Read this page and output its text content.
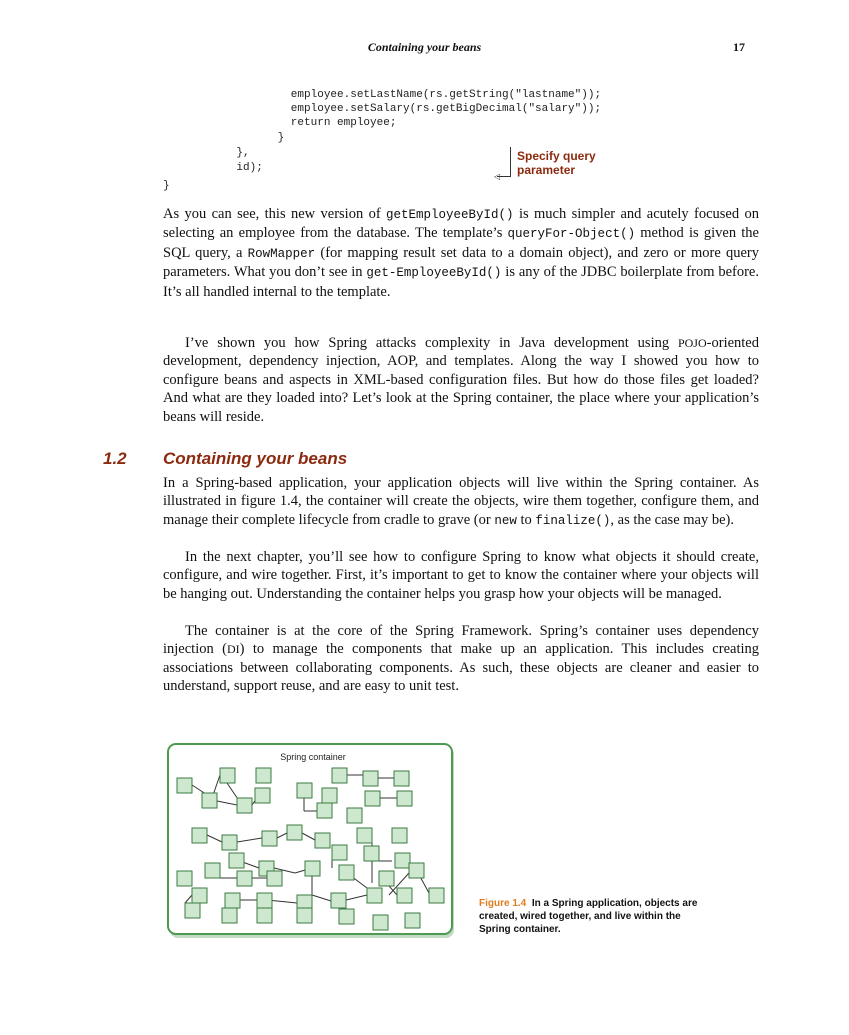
Containing your beans	17
employee.setLastName(rs.getString("lastname"));
employee.setSalary(rs.getBigDecimal("salary"));
return employee;
}
},
id);
}
◁
Specify query parameter

As you can see, this new version of getEmployeeById() is much simpler and acutely focused on selecting an employee from the database. The template’s queryFor-Object() method is given the SQL query, a RowMapper (for mapping result set data to a domain object), and zero or more query parameters. What you don’t see in get-EmployeeById() is any of the JDBC boilerplate from before. It’s all handled internal to the template.

I’ve shown you how Spring attacks complexity in Java development using POJO-oriented development, dependency injection, AOP, and templates. Along the way I showed you how to configure beans and aspects in XML-based configuration files. But how do those files get loaded? And what are they loaded into? Let’s look at the Spring container, the place where your application’s beans will reside.

1.2 Containing your beans

In a Spring-based application, your application objects will live within the Spring container. As illustrated in figure 1.4, the container will create the objects, wire them together, configure them, and manage their complete lifecycle from cradle to grave (or new to finalize(), as the case may be).

In the next chapter, you’ll see how to configure Spring to know what objects it should create, configure, and wire together. First, it’s important to get to know the container where your objects will be hanging out. Understanding the container helps you grasp how your objects will be managed.

The container is at the core of the Spring Framework. Spring’s container uses dependency injection (DI) to manage the components that make up an application. This includes creating associations between collaborating components. As such, these objects are cleaner and easier to understand, support reuse, and are easy to unit test.

Spring container
Figure 1.4 In a Spring application, objects are created, wired together, and live within the Spring container.
